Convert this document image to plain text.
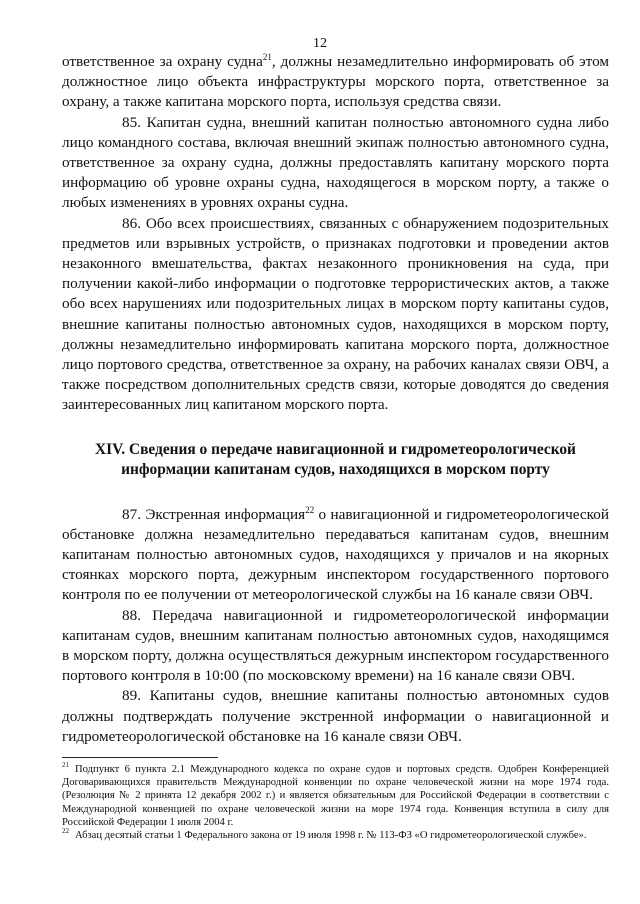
12

ответственное за охрану судна$^{21}$, должны незамедлительно информировать об этом должностное лицо объекта инфраструктуры морского порта, ответственное за охрану, а также капитана морского порта, используя средства связи.

85. Капитан судна, внешний капитан полностью автономного судна либо лицо командного состава, включая внешний экипаж полностью автономного судна, ответственное за охрану судна, должны предоставлять капитану морского порта информацию об уровне охраны судна, находящегося в морском порту, а также о любых изменениях в уровнях охраны судна.

86. Обо всех происшествиях, связанных с обнаружением подозрительных предметов или взрывных устройств, о признаках подготовки и проведении актов незаконного вмешательства, фактах незаконного проникновения на суда, при получении какой-либо информации о подготовке террористических актов, а также обо всех нарушениях или подозрительных лицах в морском порту капитаны судов, внешние капитаны полностью автономных судов, находящихся в морском порту, должны незамедлительно информировать капитана морского порта, должностное лицо портового средства, ответственное за охрану, на рабочих каналах связи ОВЧ, а также посредством дополнительных средств связи, которые доводятся до сведения заинтересованных лиц капитаном морского порта.

XIV. Сведения о передаче навигационной и гидрометеорологической
информации капитанам судов, находящихся в морском порту

87. Экстренная информация$^{22}$ о навигационной и гидрометеорологической обстановке должна незамедлительно передаваться капитанам судов, внешним капитанам полностью автономных судов, находящихся у причалов и на якорных стоянках морского порта, дежурным инспектором государственного портового контроля по ее получении от метеорологической службы на 16 канале связи ОВЧ.

88. Передача навигационной и гидрометеорологической информации капитанам судов, внешним капитанам полностью автономных судов, находящимся в морском порту, должна осуществляться дежурным инспектором государственного портового контроля в 10:00 (по московскому времени) на 16 канале связи ОВЧ.

89. Капитаны судов, внешние капитаны полностью автономных судов должны подтверждать получение экстренной информации о навигационной и гидрометеорологической обстановке на 16 канале связи ОВЧ.

$^{21}$ Подпункт 6 пункта 2.1 Международного кодекса по охране судов и портовых средств. Одобрен Конференцией Договаривающихся правительств Международной конвенции по охране человеческой жизни на море 1974 года. (Резолюция № 2 принята 12 декабря 2002 г.) и является обязательным для Российской Федерации в соответствии с Международной конвенцией по охране человеческой жизни на море 1974 года. Конвенция вступила в силу для Российской Федерации 1 июля 2004 г.

$^{22}$ Абзац десятый статьи 1 Федерального закона от 19 июля 1998 г. № 113-ФЗ «О гидрометеорологической службе».
